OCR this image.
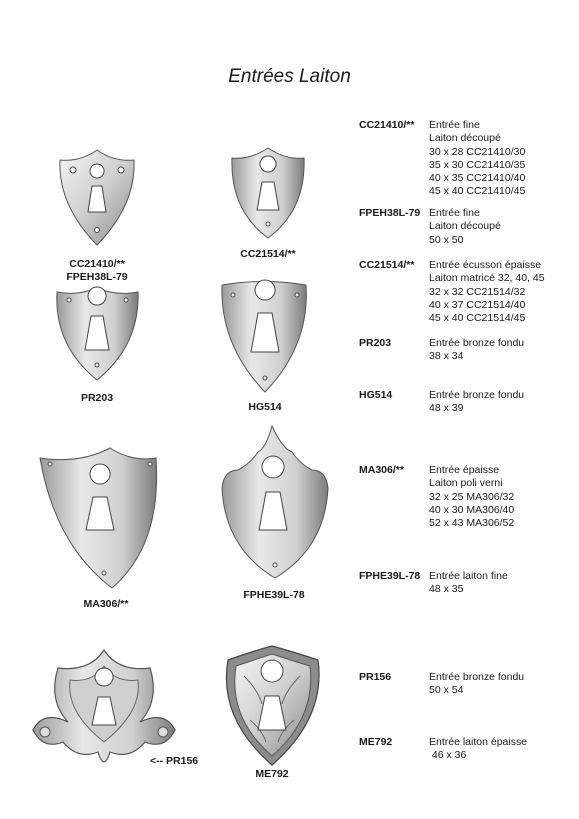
Entrées Laiton
CC21410/**
FPEH38L-79
CC21514/**
PR203
HG514
MA306/**
FPHE39L-78
<-- PR156
ME792
CC21410/** Entrée fine
Laiton découpé
30 x 28 CC21410/30
35 x 30 CC21410/35
40 x 35 CC21410/40
45 x 40 CC21410/45
FPEH38L-79 Entrée fine
Laiton découpé
50 x 50
CC21514/** Entrée écusson épaisse
Laiton matricé 32, 40, 45
32 x 32 CC21514/32
40 x 37 CC21514/40
45 x 40 CC21514/45
PR203	Entrée bronze fondu
38 x 34
HG514	Entrée bronze fondu
48 x 39
MA306/** Entrée épaisse
Laiton poli verni
32 x 25 MA306/32
40 x 30 MA306/40
52 x 43 MA306/52
FPHE39L-78 Entrée laiton fine
48 x 35
PR156	Entrée bronze fondu
50 x 54
ME792	Entrée laiton épaisse
46 x 36
